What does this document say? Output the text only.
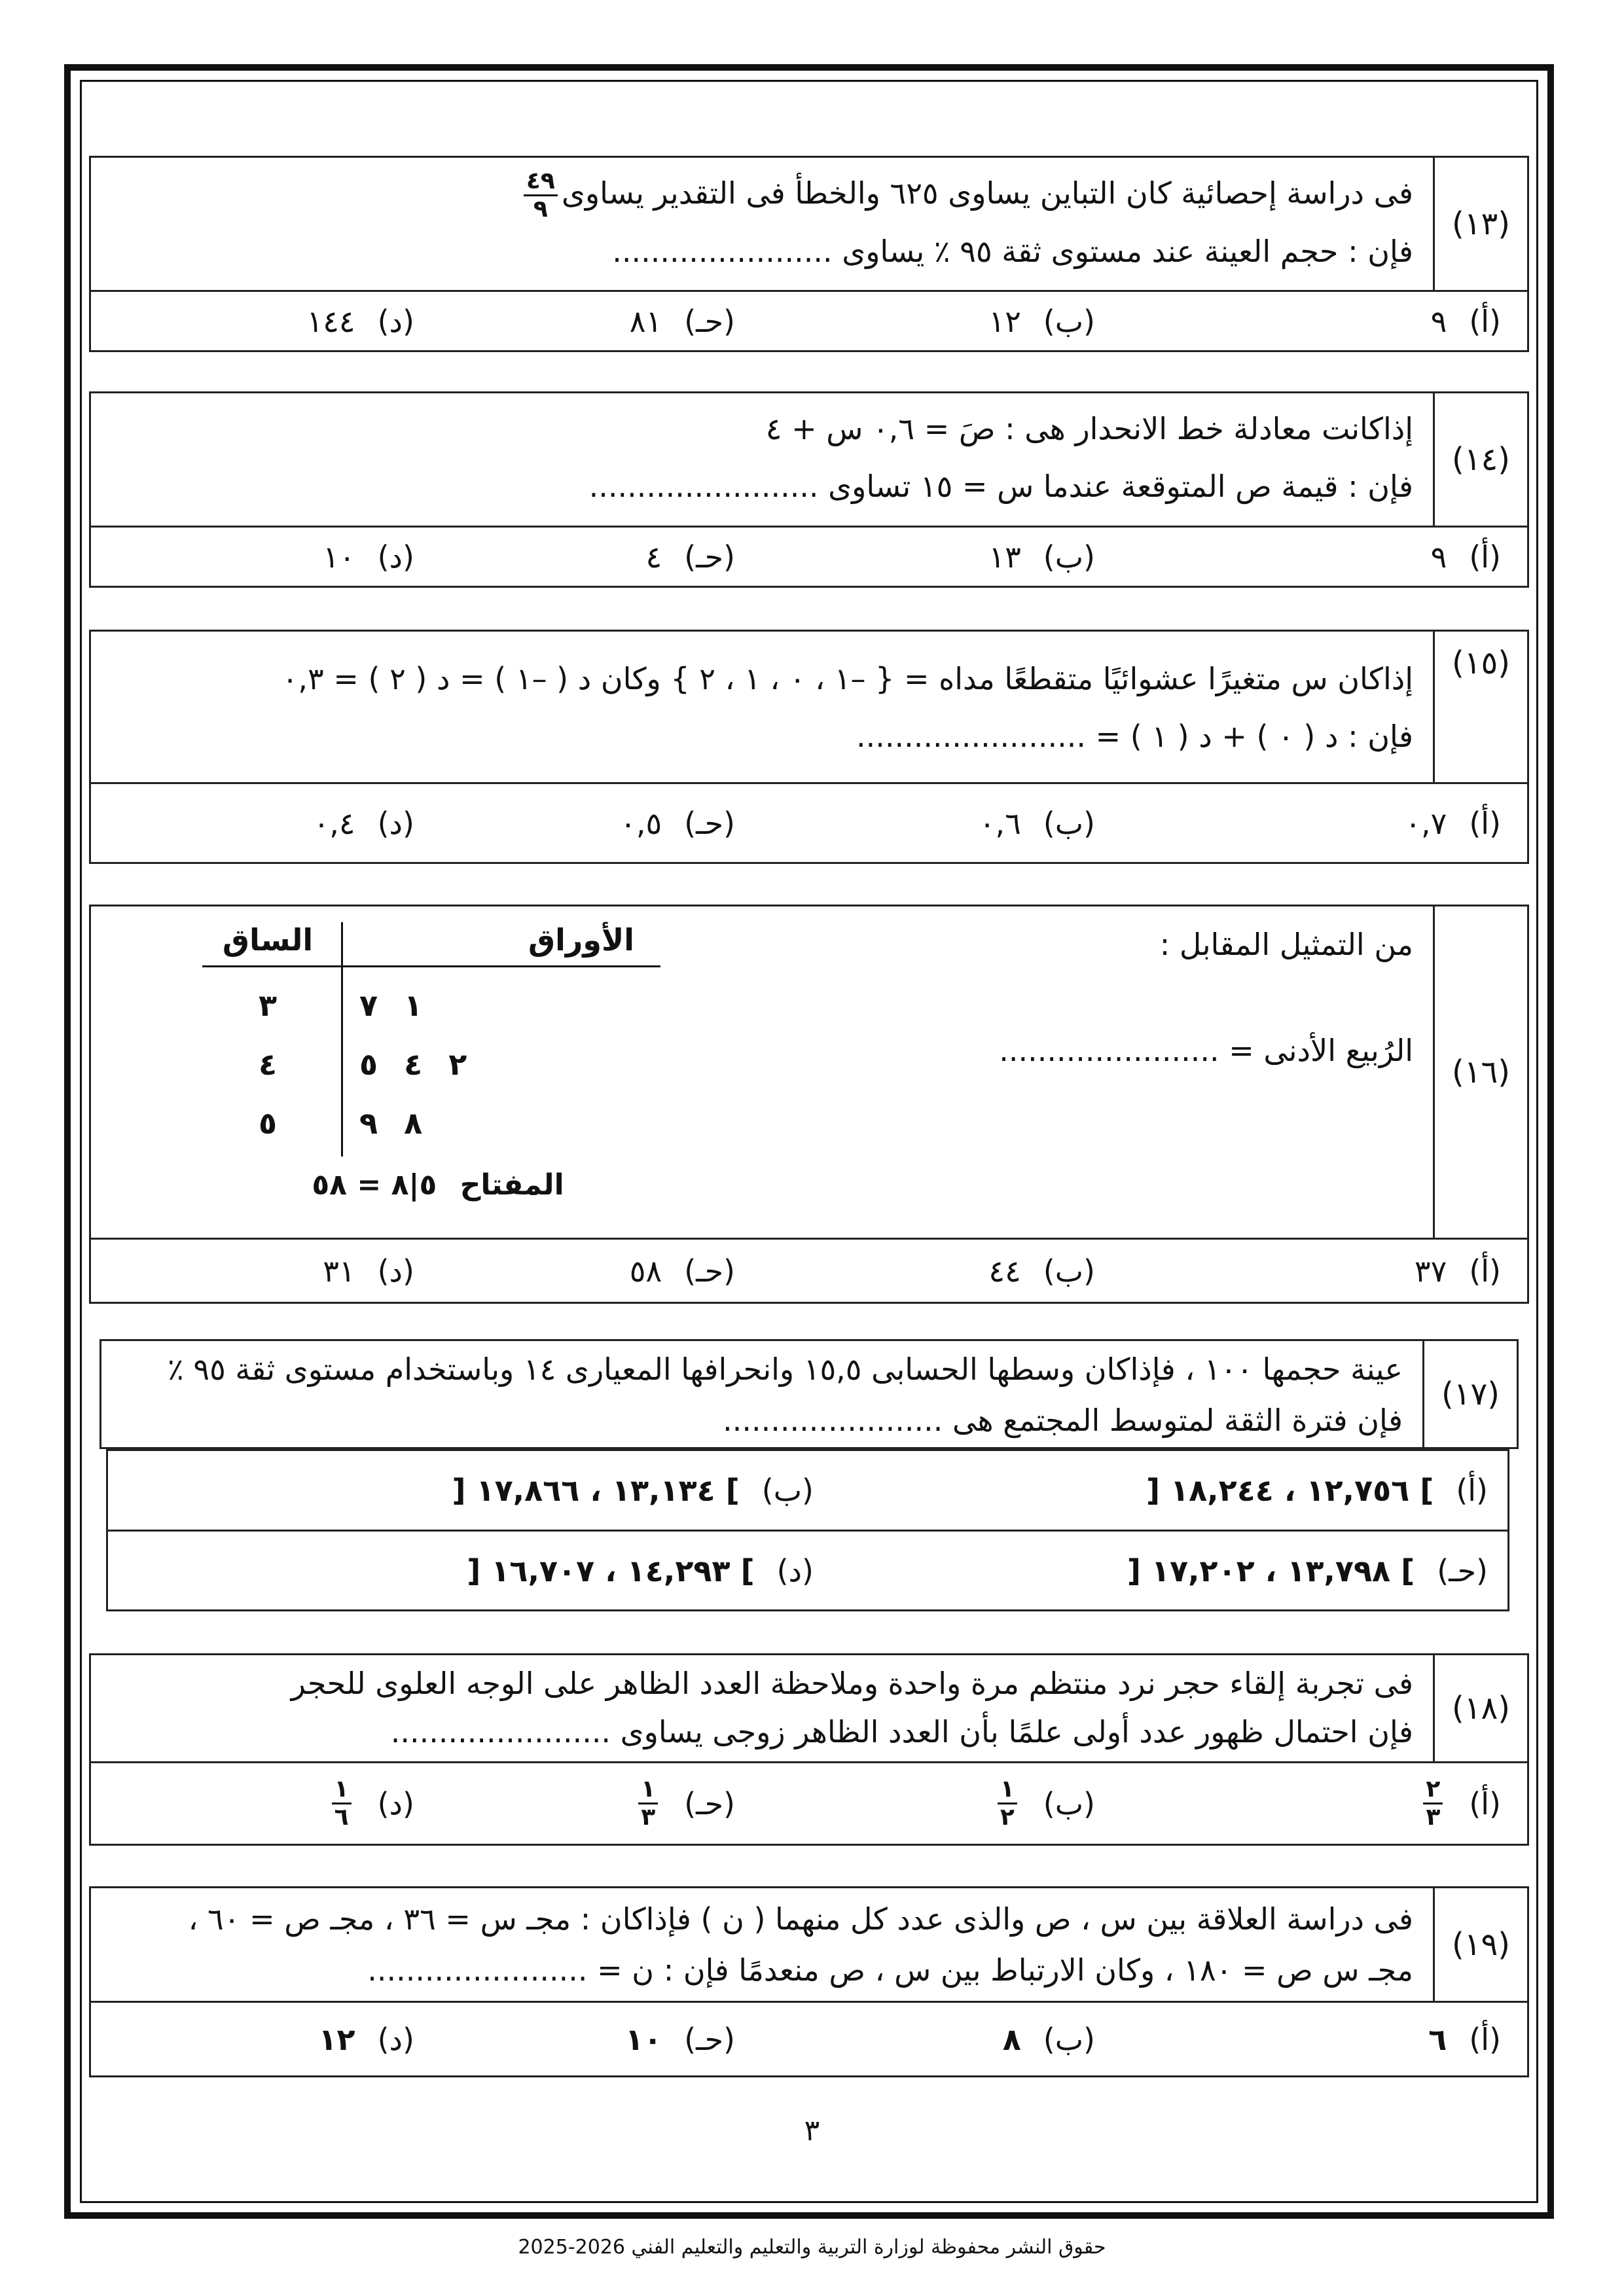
(١٣)
فى دراسة إحصائية كان التباين يساوى ٦٢٥ والخطأ فى التقدير يساوى
$\frac{٤٩}{٩}$
فإن : حجم العينة عند مستوى ثقة ٩٥ ٪ يساوى .......................
(أ)
٩
(ب)
١٢
(حـ)
٨١
(د)
١٤٤
(١٤)
إذاكانت معادلة خط الانحدار هى : صَ = ٠,٦ س + ٤
فإن : قيمة ص المتوقعة عندما س = ١٥ تساوى ........................
(أ)
٩
(ب)
١٣
(حـ)
٤
(د)
١٠
(١٥)
إذاكان س متغيرًا عشوائيًا متقطعًا مداه = { –١ ، ٠ ، ١ ، ٢ } وكان د ( –١ ) = د ( ٢ ) = ٠,٣
فإن : د ( ٠ ) + د ( ١ ) = ........................
(أ)
٠,٧
(ب)
٠,٦
(حـ)
٠,٥
(د)
٠,٤
(١٦)
من التمثيل المقابل :
الرُبيع الأدنى = .......................
الساق	الأوراق
٣	١ ٧
٤	٢ ٤ ٥
٥	٨ ٩
المفتاح ٥|٨ = ٥٨
(أ)
٣٧
(ب)
٤٤
(حـ)
٥٨
(د)
٣١
(١٧)
عينة حجمها ١٠٠ ، فإذاكان وسطها الحسابى ١٥,٥ وانحرافها المعيارى ١٤ وباستخدام مستوى ثقة ٩٥ ٪
فإن فترة الثقة لمتوسط المجتمع هى .......................
(أ)
] ١٢,٧٥٦ ، ١٨,٢٤٤ [
(ب)
] ١٣,١٣٤ ، ١٧,٨٦٦ [
(حـ)
] ١٣,٧٩٨ ، ١٧,٢٠٢ [
(د)
] ١٤,٢٩٣ ، ١٦,٧٠٧ [
(١٨)
فى تجربة إلقاء حجر نرد منتظم مرة واحدة وملاحظة العدد الظاهر على الوجه العلوى للحجر
فإن احتمال ظهور عدد أولى علمًا بأن العدد الظاهر زوجى يساوى .......................
(أ)
$\frac{٢}{٣}$
(ب)
$\frac{١}{٢}$
(حـ)
$\frac{١}{٣}$
(د)
$\frac{١}{٦}$
(١٩)
فى دراسة العلاقة بين س ، ص والذى عدد كل منهما ( ن ) فإذاكان : مجـ س = ٣٦ ، مجـ ص = ٦٠ ،
مجـ س ص = ١٨٠ ، وكان الارتباط بين س ، ص منعدمًا فإن : ن = .......................
(أ)
٦
(ب)
٨
(حـ)
١٠
(د)
١٢
٣
حقوق النشر محفوظة لوزارة التربية والتعليم والتعليم الفني 2026-2025
